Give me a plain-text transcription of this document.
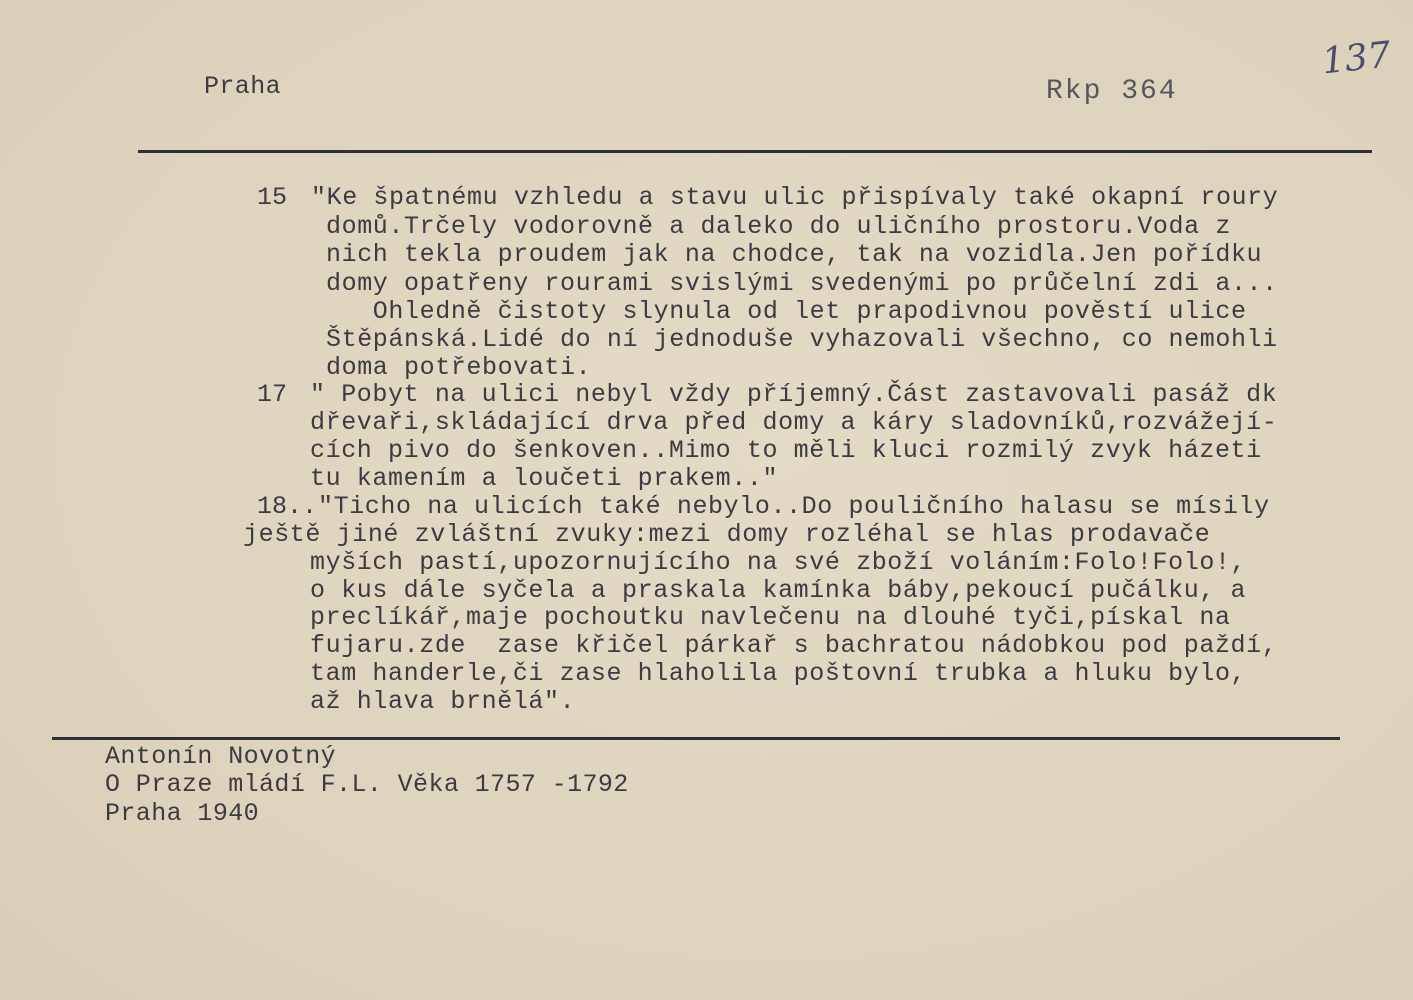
Praha	Rkp 364
137
15 "Ke špatnému vzhledu a stavu ulic přispívaly také okapní roury
domů.Trčely vodorovně a daleko do uličního prostoru.Voda z
nich tekla proudem jak na chodce, tak na vozidla.Jen pořídku
domy opatřeny rourami svislými svedenými po průčelní zdi a...
Ohledně čistoty slynula od let prapodivnou pověstí ulice
Štěpánská.Lidé do ní jednoduše vyhazovali všechno, co nemohli
doma potřebovati.
17 " Pobyt na ulici nebyl vždy příjemný.Část zastavovali pasáž dk
dřevaři,skládající drva před domy a káry sladovníků,rozvážejí-
cích pivo do šenkoven..Mimo to měli kluci rozmilý zvyk házeti
tu kamením a loučeti prakem.."
18.. "Ticho na ulicích také nebylo..Do pouličního halasu se mísily
ještě jiné zvláštní zvuky:mezi domy rozléhal se hlas prodavače
myších pastí,upozornujícího na své zboží voláním:Folo!Folo!,
o kus dále syčela a praskala kamínka báby,pekoucí pučálku, a
preclíkář,maje pochoutku navlečenu na dlouhé tyči,pískal na
fujaru.zde  zase křičel párkař s bachratou nádobkou pod paždí,
tam handerle,či zase hlaholila poštovní trubka a hluku bylo,
až hlava brnělá".
Antonín Novotný
O Praze mládí F.L. Věka 1757 -1792
Praha 1940
